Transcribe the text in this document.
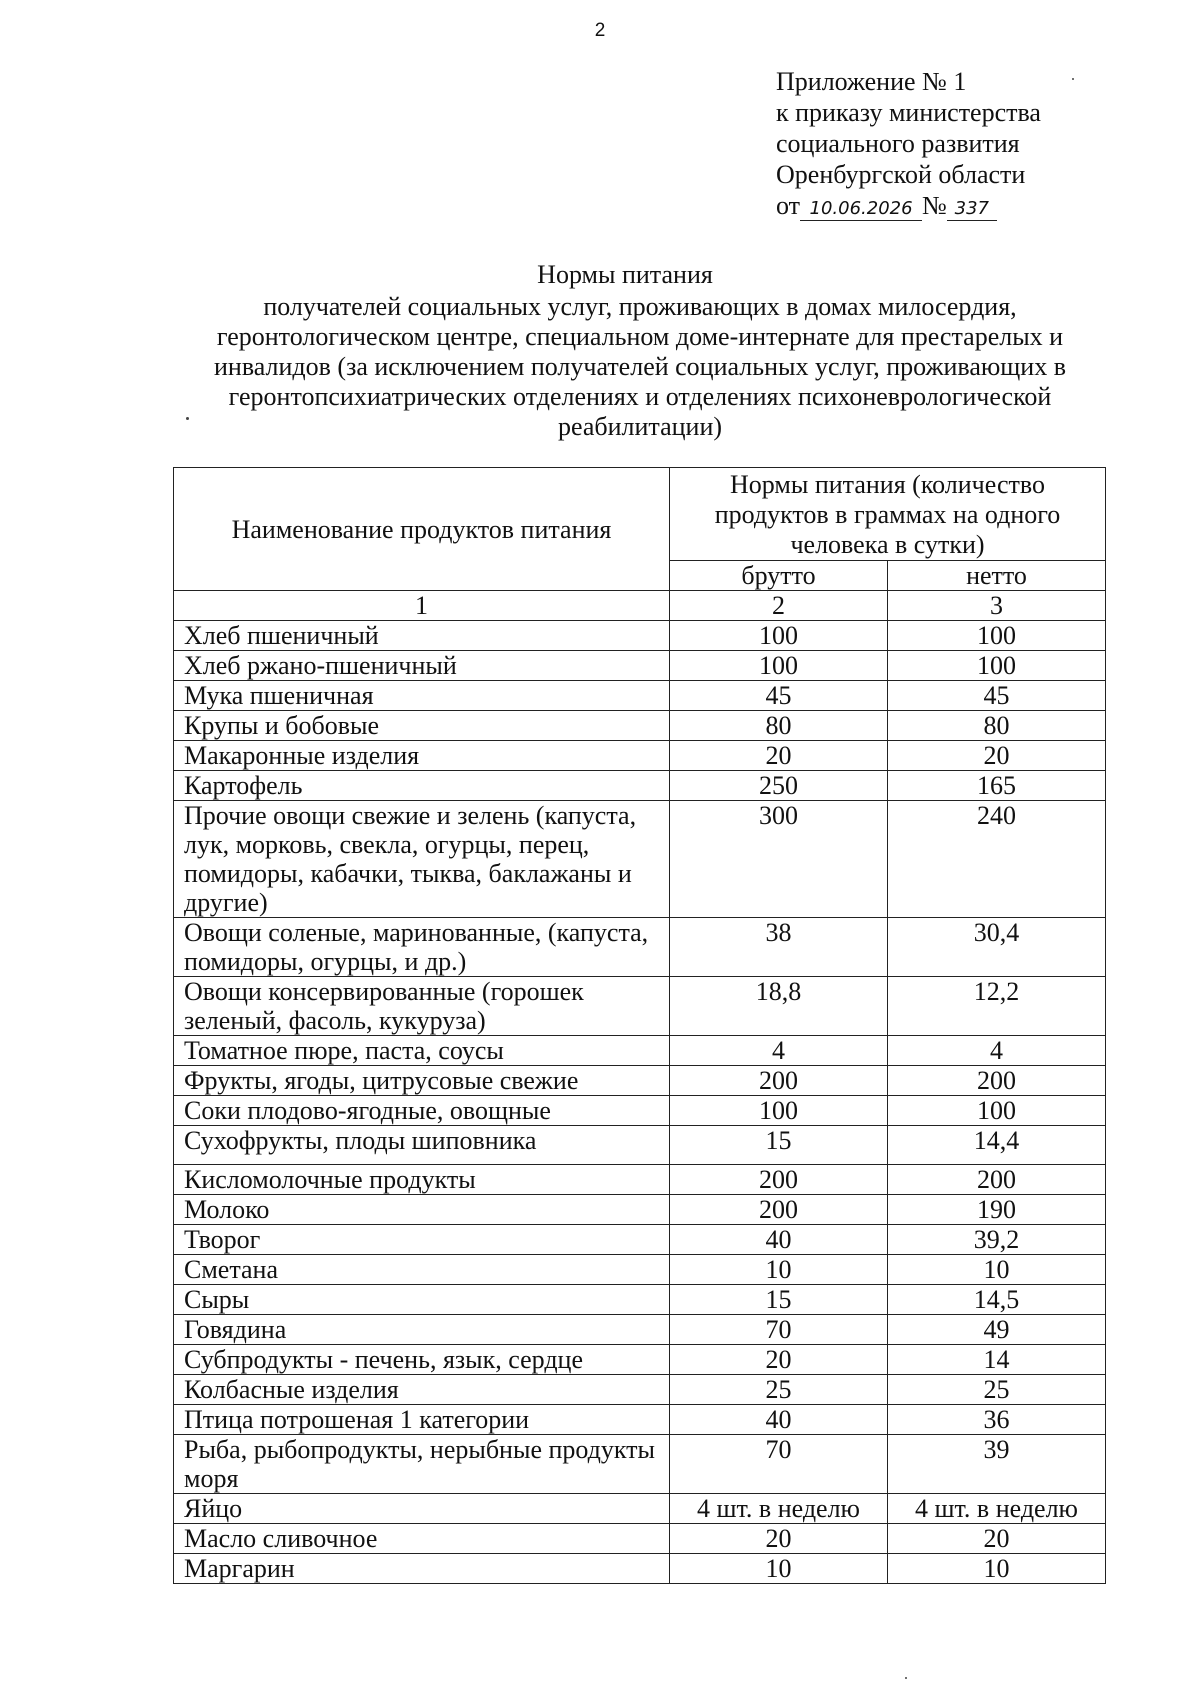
2
Приложение № 1
к приказу министерства
социального развития
Оренбургской области
от 10.06.2026 № 337
Нормы питания
получателей социальных услуг, проживающих в домах милосердия, геронтологическом центре, специальном доме-интернате для престарелых и инвалидов (за исключением получателей социальных услуг, проживающих в геронтопсихиатрических отделениях и отделениях психоневрологической реабилитации)
Наименование продуктов питания	Нормы питания (количество продуктов в граммах на одного человека в сутки)	
	брутто	нетто
1	2	3
Хлеб пшеничный	100	100
Хлеб ржано-пшеничный	100	100
Мука пшеничная	45	45
Крупы и бобовые	80	80
Макаронные изделия	20	20
Картофель	250	165
Прочие овощи свежие и зелень (капуста, лук, морковь, свекла, огурцы, перец, помидоры, кабачки, тыква, баклажаны и другие)	300	240
Овощи соленые, маринованные, (капуста, помидоры, огурцы, и др.)	38	30,4
Овощи консервированные (горошек зеленый, фасоль, кукуруза)	18,8	12,2
Томатное пюре, паста, соусы	4	4
Фрукты, ягоды, цитрусовые свежие	200	200
Соки плодово-ягодные, овощные	100	100
Сухофрукты, плоды шиповника	15	14,4
Кисломолочные продукты	200	200
Молоко	200	190
Творог	40	39,2
Сметана	10	10
Сыры	15	14,5
Говядина	70	49
Субпродукты - печень, язык, сердце	20	14
Колбасные изделия	25	25
Птица потрошеная 1 категории	40	36
Рыба, рыбопродукты, нерыбные продукты моря	70	39
Яйцо	4 шт. в неделю	4 шт. в неделю
Масло сливочное	20	20
Маргарин	10	10
